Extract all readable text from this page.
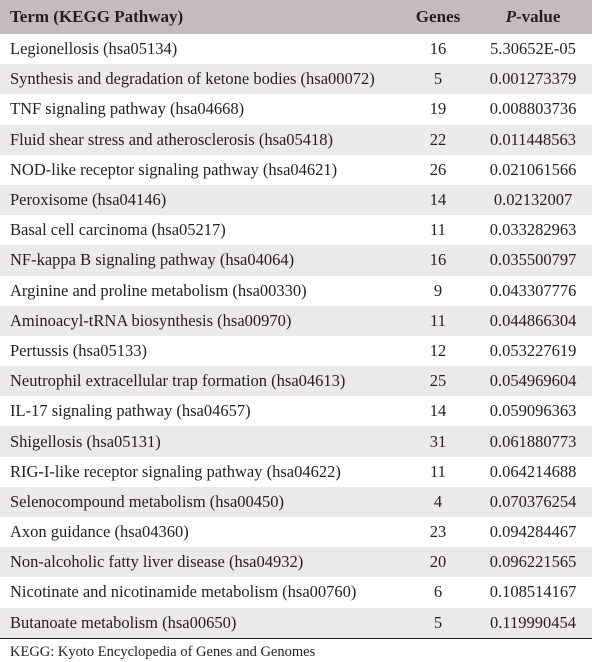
Term (KEGG Pathway)	Genes	P-value
Legionellosis (hsa05134)	16	5.30652E-05
Synthesis and degradation of ketone bodies (hsa00072)	5	0.001273379
TNF signaling pathway (hsa04668)	19	0.008803736
Fluid shear stress and atherosclerosis (hsa05418)	22	0.011448563
NOD-like receptor signaling pathway (hsa04621)	26	0.021061566
Peroxisome (hsa04146)	14	0.02132007
Basal cell carcinoma (hsa05217)	11	0.033282963
NF-kappa B signaling pathway (hsa04064)	16	0.035500797
Arginine and proline metabolism (hsa00330)	9	0.043307776
Aminoacyl-tRNA biosynthesis (hsa00970)	11	0.044866304
Pertussis (hsa05133)	12	0.053227619
Neutrophil extracellular trap formation (hsa04613)	25	0.054969604
IL-17 signaling pathway (hsa04657)	14	0.059096363
Shigellosis (hsa05131)	31	0.061880773
RIG-I-like receptor signaling pathway (hsa04622)	11	0.064214688
Selenocompound metabolism (hsa00450)	4	0.070376254
Axon guidance (hsa04360)	23	0.094284467
Non-alcoholic fatty liver disease (hsa04932)	20	0.096221565
Nicotinate and nicotinamide metabolism (hsa00760)	6	0.108514167
Butanoate metabolism (hsa00650)	5	0.119990454
KEGG: Kyoto Encyclopedia of Genes and Genomes
